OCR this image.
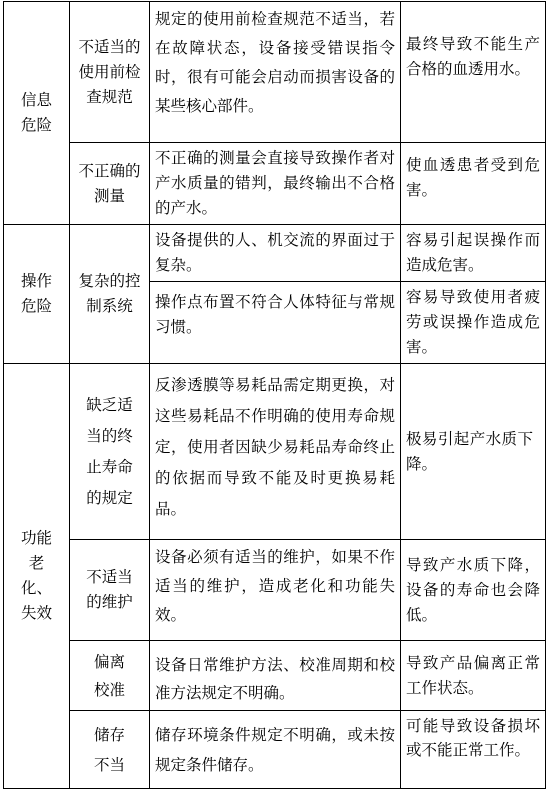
信息危险	不适当的使用前检查规范	规定的使用前检查规范不适当，若在故障状态，设备接受错误指令时，很有可能会启动而损害设备的某些核心部件。	最终导致不能生产合格的血透用水。
	不正确的测量	不正确的测量会直接导致操作者对产水质量的错判，最终输出不合格的产水。	使血透患者受到危害。
操作危险	复杂的控制系统	设备提供的人、机交流的界面过于复杂。	容易引起误操作而造成危害。
		操作点布置不符合人体特征与常规习惯。	容易导致使用者疲劳或误操作造成危害。
功能老化、失效	缺乏适当的终止寿命的规定	反渗透膜等易耗品需定期更换，对这些易耗品不作明确的使用寿命规定，使用者因缺少易耗品寿命终止的依据而导致不能及时更换易耗品。	极易引起产水质下降。
	不适当的维护	设备必须有适当的维护，如果不作适当的维护，造成老化和功能失效。	导致产水质下降，设备的寿命也会降低。
	偏离校准	设备日常维护方法、校准周期和校准方法规定不明确。	导致产品偏离正常工作状态。
	储存不当	储存环境条件规定不明确，或未按规定条件储存。	可能导致设备损坏或不能正常工作。
